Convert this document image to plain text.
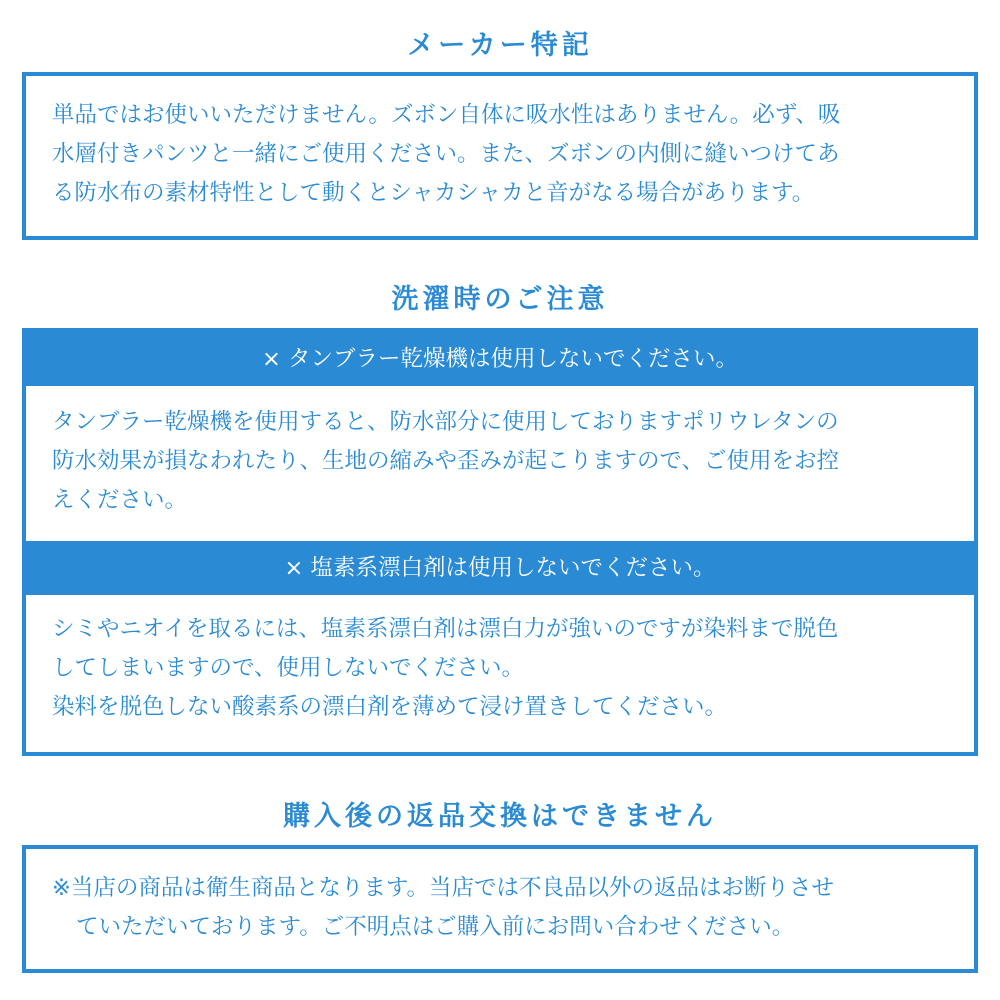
メーカー特記
単品ではお使いいただけません。ズボン自体に吸水性はありません。必ず、吸
水層付きパンツと一緒にご使用ください。また、ズボンの内側に縫いつけてあ
る防水布の素材特性として動くとシャカシャカと音がなる場合があります。
洗濯時のご注意
× タンブラー乾燥機は使用しないでください。
タンブラー乾燥機を使用すると、防水部分に使用しておりますポリウレタンの
防水効果が損なわれたり、生地の縮みや歪みが起こりますので、ご使用をお控
えください。
× 塩素系漂白剤は使用しないでください。
シミやニオイを取るには、塩素系漂白剤は漂白力が強いのですが染料まで脱色
してしまいますので、使用しないでください。
染料を脱色しない酸素系の漂白剤を薄めて浸け置きしてください。
購入後の返品交換はできません
※当店の商品は衛生商品となります。当店では不良品以外の返品はお断りさせ
ていただいております。ご不明点はご購入前にお問い合わせください。
